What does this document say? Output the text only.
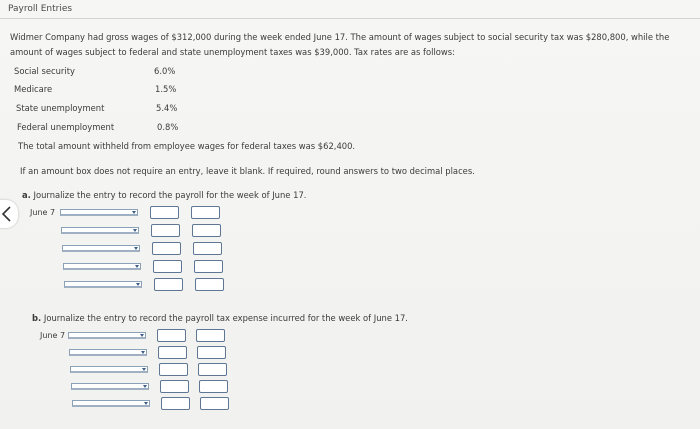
Payroll Entries
Widmer Company had gross wages of $312,000 during the week ended June 17. The amount of wages subject to social security tax was $280,800, while the amount of wages subject to federal and state unemployment taxes was $39,000. Tax rates are as follows:
Social security	6.0%
Medicare	1.5%
State unemployment	5.4%
Federal unemployment	0.8%
The total amount withheld from employee wages for federal taxes was $62,400.
If an amount box does not require an entry, leave it blank. If required, round answers to two decimal places.
a. Journalize the entry to record the payroll for the week of June 17.
June 7
b. Journalize the entry to record the payroll tax expense incurred for the week of June 17.
June 7
